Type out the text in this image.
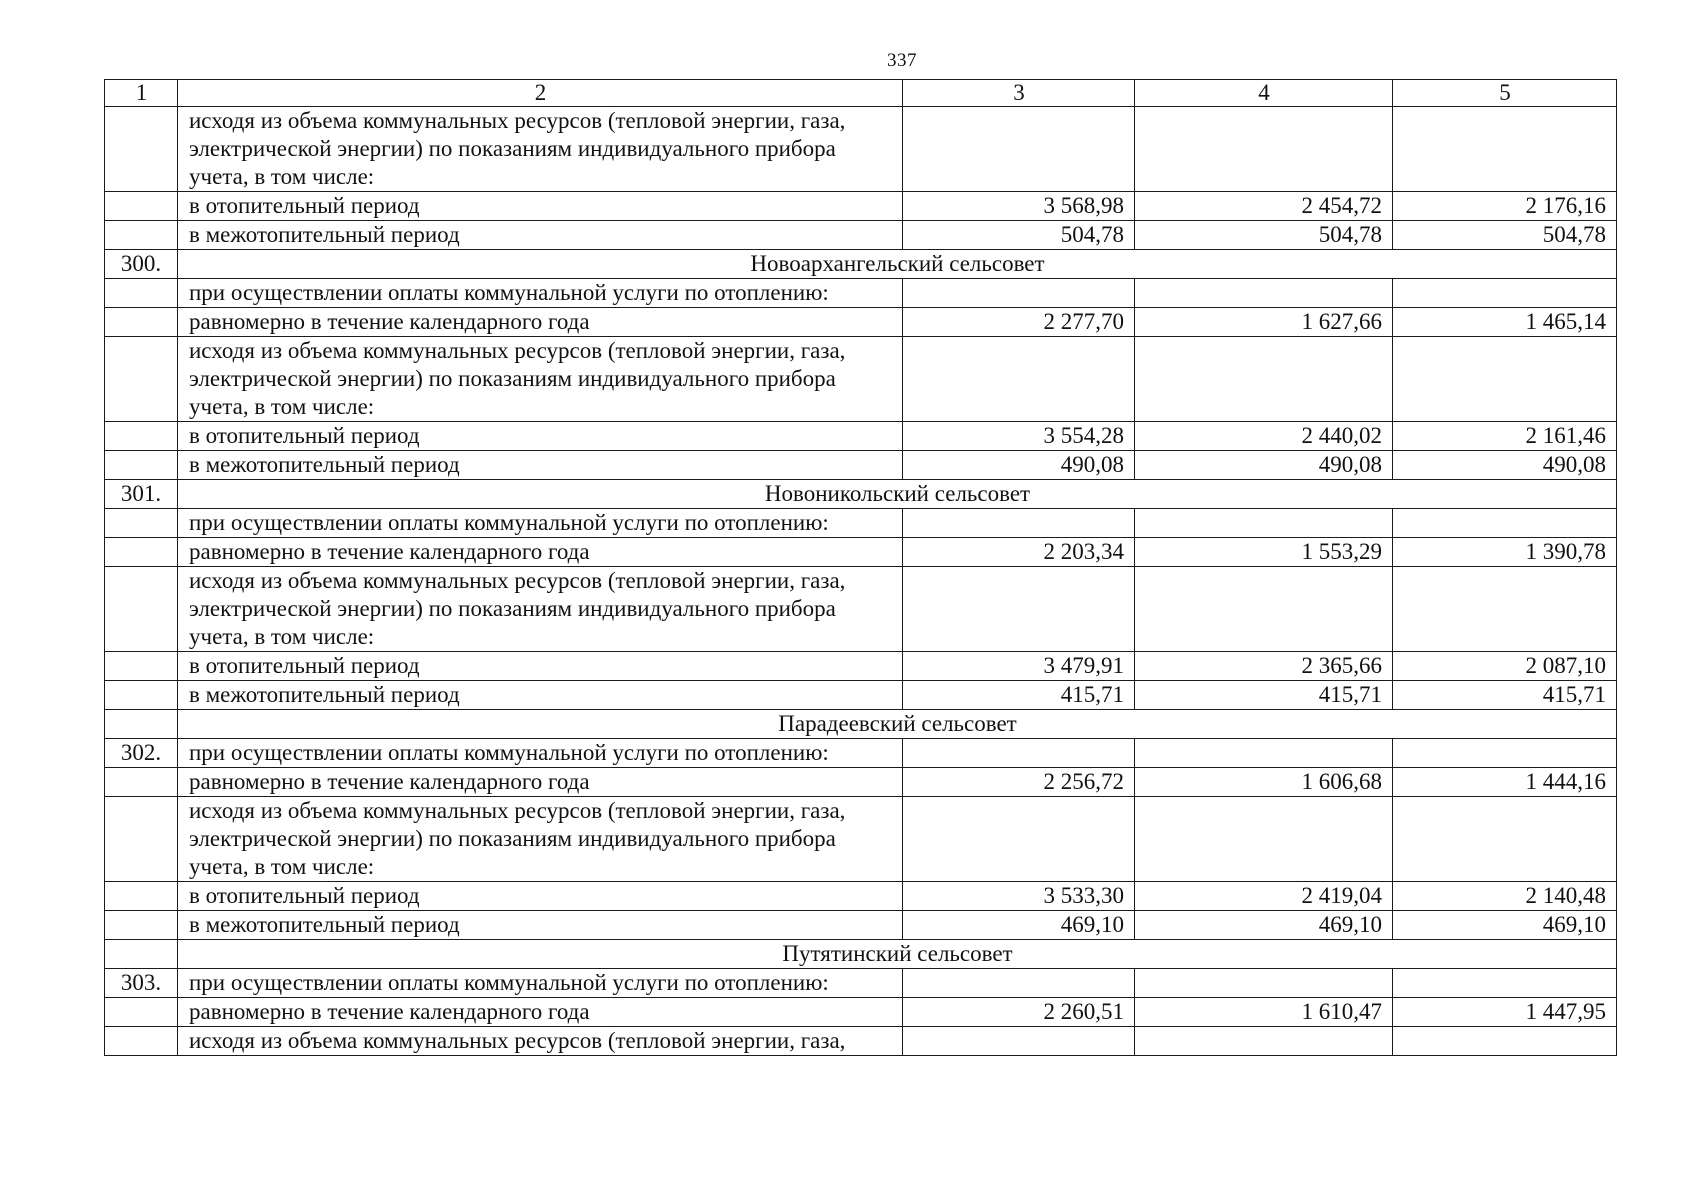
337
1	2	3	4	5
	исходя из объема коммунальных ресурсов (тепловой энергии, газа, электрической энергии) по показаниям индивидуального прибора учета, в том числе:			
	в отопительный период	3 568,98	2 454,72	2 176,16
	в межотопительный период	504,78	504,78	504,78
300.	Новоархангельский сельсовет			
	при осуществлении оплаты коммунальной услуги по отоплению:			
	равномерно в течение календарного года	2 277,70	1 627,66	1 465,14
	исходя из объема коммунальных ресурсов (тепловой энергии, газа, электрической энергии) по показаниям индивидуального прибора учета, в том числе:			
	в отопительный период	3 554,28	2 440,02	2 161,46
	в межотопительный период	490,08	490,08	490,08
301.	Новоникольский сельсовет			
	при осуществлении оплаты коммунальной услуги по отоплению:			
	равномерно в течение календарного года	2 203,34	1 553,29	1 390,78
	исходя из объема коммунальных ресурсов (тепловой энергии, газа, электрической энергии) по показаниям индивидуального прибора учета, в том числе:			
	в отопительный период	3 479,91	2 365,66	2 087,10
	в межотопительный период	415,71	415,71	415,71
	Парадеевский сельсовет			
302.	при осуществлении оплаты коммунальной услуги по отоплению:			
	равномерно в течение календарного года	2 256,72	1 606,68	1 444,16
	исходя из объема коммунальных ресурсов (тепловой энергии, газа, электрической энергии) по показаниям индивидуального прибора учета, в том числе:			
	в отопительный период	3 533,30	2 419,04	2 140,48
	в межотопительный период	469,10	469,10	469,10
	Путятинский сельсовет			
303.	при осуществлении оплаты коммунальной услуги по отоплению:			
	равномерно в течение календарного года	2 260,51	1 610,47	1 447,95
	исходя из объема коммунальных ресурсов (тепловой энергии, газа,			
